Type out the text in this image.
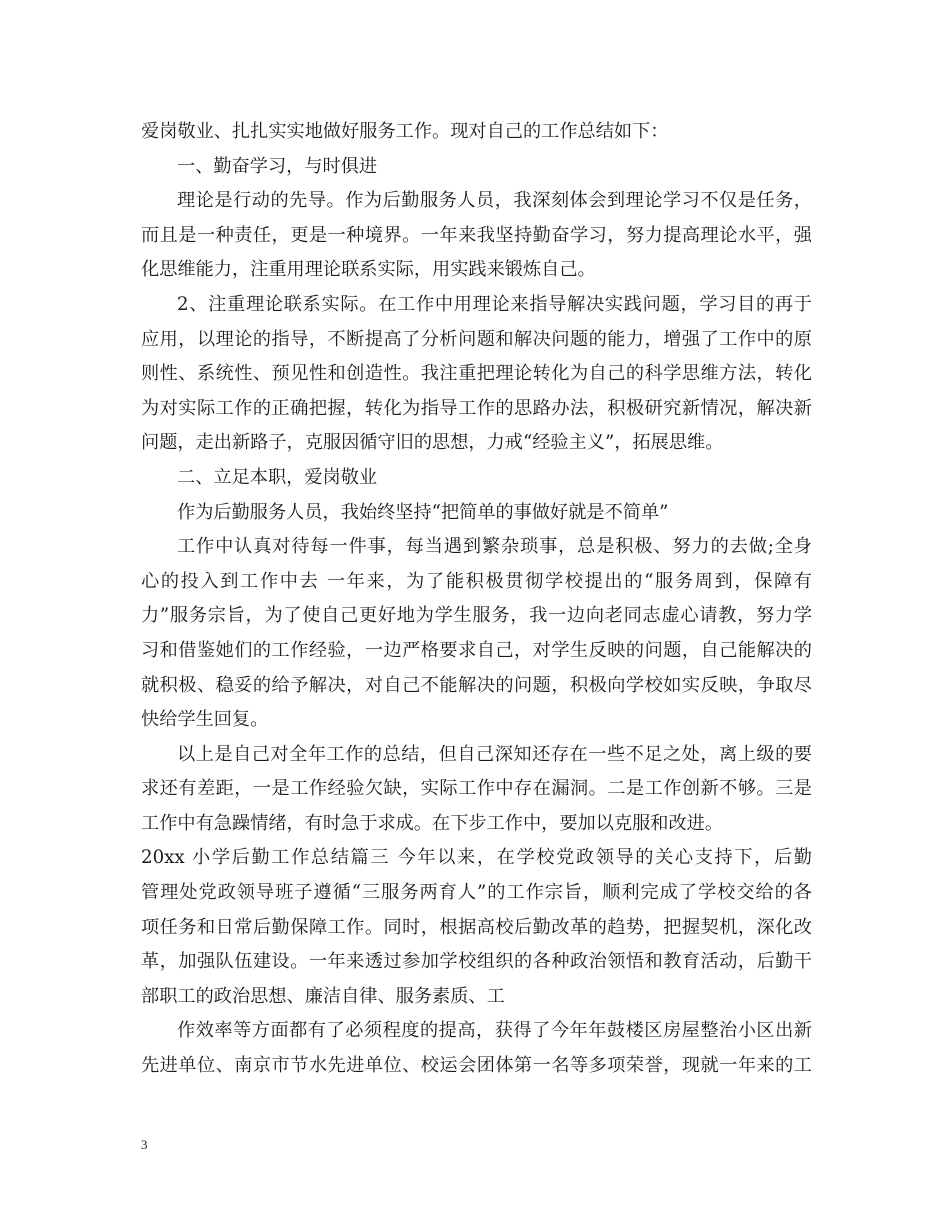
爱岗敬业、扎扎实实地做好服务工作。现对自己的工作总结如下：
一、勤奋学习，与时俱进
理论是行动的先导。作为后勤服务人员，我深刻体会到理论学习不仅是任务，
而且是一种责任，更是一种境界。一年来我坚持勤奋学习，努力提高理论水平，强
化思维能力，注重用理论联系实际，用实践来锻炼自己。
2、注重理论联系实际。在工作中用理论来指导解决实践问题，学习目的再于
应用，以理论的指导，不断提高了分析问题和解决问题的能力，增强了工作中的原
则性、系统性、预见性和创造性。我注重把理论转化为自己的科学思维方法，转化
为对实际工作的正确把握，转化为指导工作的思路办法，积极研究新情况，解决新
问题，走出新路子，克服因循守旧的思想，力戒“经验主义”，拓展思维。
二、立足本职，爱岗敬业
作为后勤服务人员，我始终坚持“把简单的事做好就是不简单”
工作中认真对待每一件事，每当遇到繁杂琐事，总是积极、努力的去做;全身
心的投入到工作中去 一年来，为了能积极贯彻学校提出的“服务周到，保障有
力”服务宗旨，为了使自己更好地为学生服务，我一边向老同志虚心请教，努力学
习和借鉴她们的工作经验，一边严格要求自己，对学生反映的问题，自己能解决的
就积极、稳妥的给予解决，对自己不能解决的问题，积极向学校如实反映，争取尽
快给学生回复。
以上是自己对全年工作的总结，但自己深知还存在一些不足之处，离上级的要
求还有差距，一是工作经验欠缺，实际工作中存在漏洞。二是工作创新不够。三是
工作中有急躁情绪，有时急于求成。在下步工作中，要加以克服和改进。
20xx 小学后勤工作总结篇三 今年以来，在学校党政领导的关心支持下，后勤
管理处党政领导班子遵循“三服务两育人”的工作宗旨，顺利完成了学校交给的各
项任务和日常后勤保障工作。同时，根据高校后勤改革的趋势，把握契机，深化改
革，加强队伍建设。一年来透过参加学校组织的各种政治领悟和教育活动，后勤干
部职工的政治思想、廉洁自律、服务素质、工
作效率等方面都有了必须程度的提高，获得了今年年鼓楼区房屋整治小区出新
先进单位、南京市节水先进单位、校运会团体第一名等多项荣誉，现就一年来的工
3
